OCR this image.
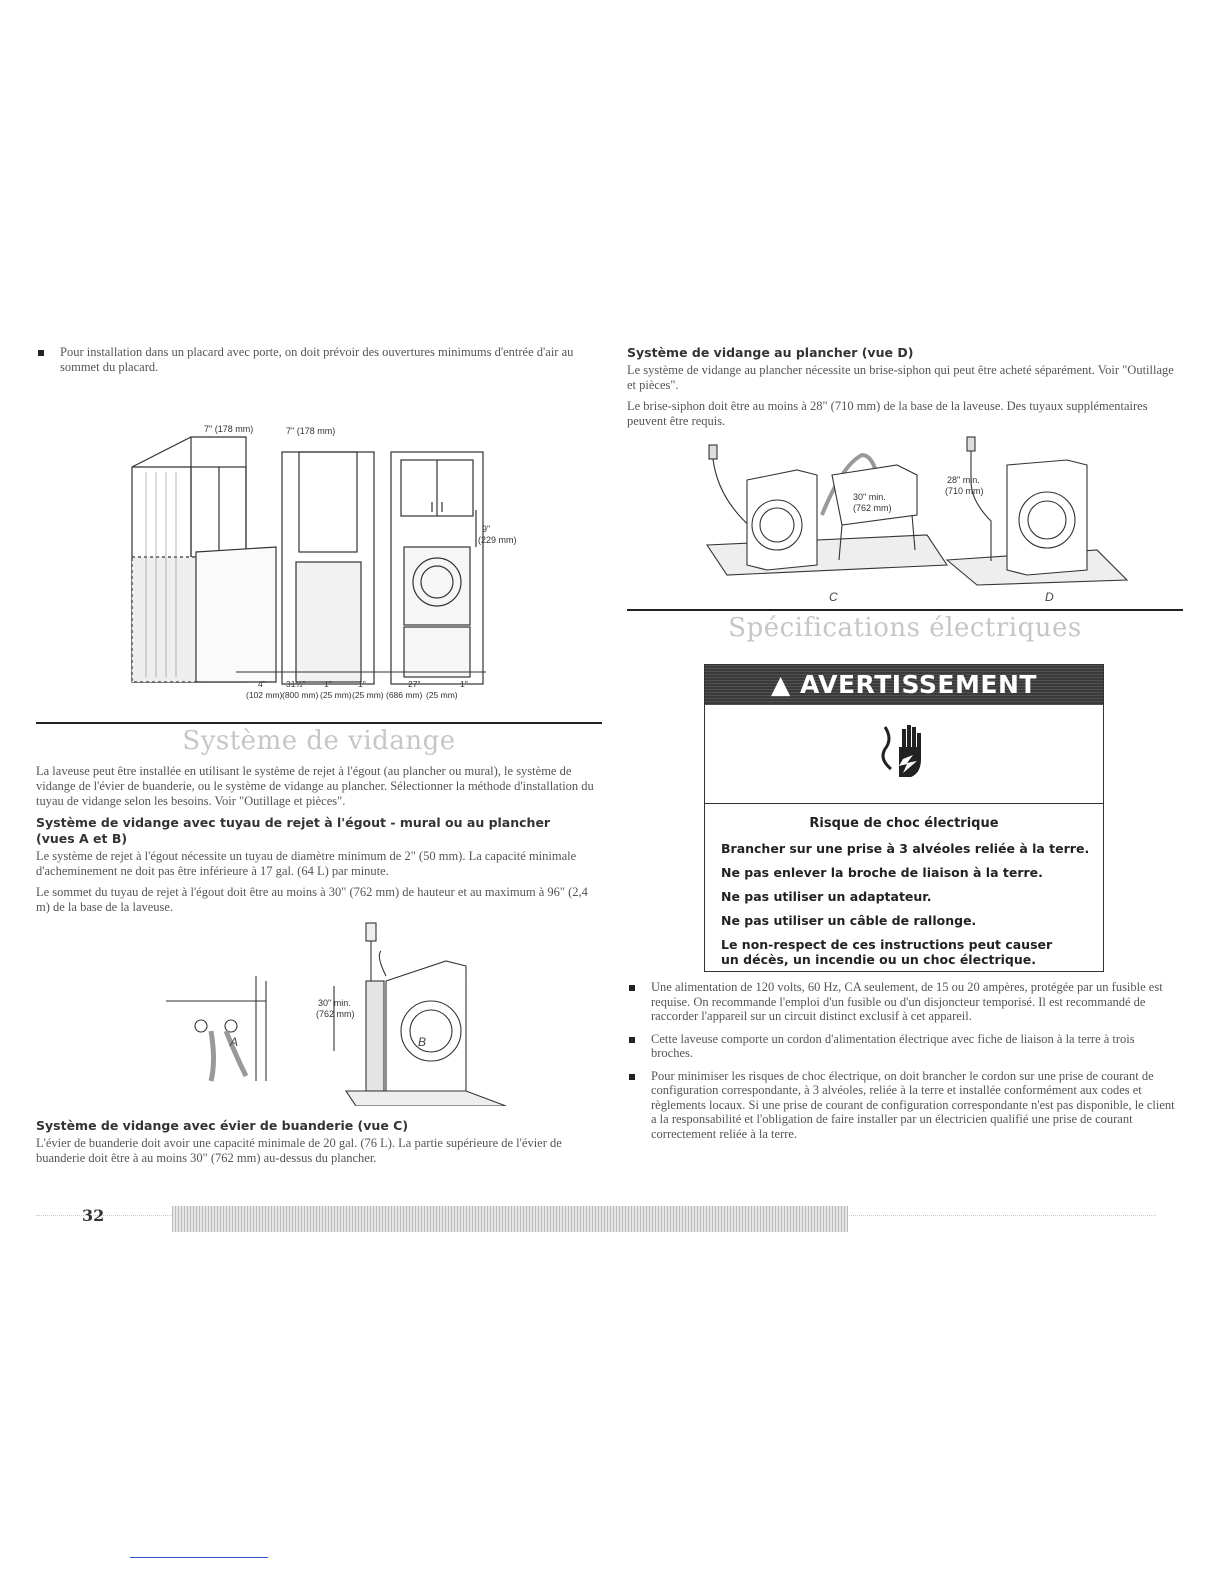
Pour installation dans un placard avec porte, on doit prévoir des ouvertures minimums d'entrée d'air au sommet du placard.
7" (178 mm)	7" (178 mm)
9"
(229 mm)
4"
(102 mm)
31½"
(800 mm)
1"
(25 mm)
1"
(25 mm)
27"
(686 mm)
1"
(25 mm)
Système de vidange

La laveuse peut être installée en utilisant le système de rejet à l'égout (au plancher ou mural), le système de vidange de l'évier de buanderie, ou le système de vidange au plancher. Sélectionner la méthode d'installation du tuyau de vidange selon les besoins. Voir "Outillage et pièces".

Système de vidange avec tuyau de rejet à l'égout - mural ou au plancher
(vues A et B)

Le système de rejet à l'égout nécessite un tuyau de diamètre minimum de 2" (50 mm). La capacité minimale d'acheminement ne doit pas être inférieure à 17 gal. (64 L) par minute.

Le sommet du tuyau de rejet à l'égout doit être au moins à 30" (762 mm) de hauteur et au maximum à 96" (2,4 m) de la base de la laveuse.

30" min.
(762 mm)
A	B
Système de vidange avec évier de buanderie (vue C)

L'évier de buanderie doit avoir une capacité minimale de 20 gal. (76 L). La partie supérieure de l'évier de buanderie doit être à au moins 30" (762 mm) au-dessus du plancher.

Système de vidange au plancher (vue D)

Le système de vidange au plancher nécessite un brise-siphon qui peut être acheté séparément. Voir "Outillage et pièces".

Le brise-siphon doit être au moins à 28" (710 mm) de la base de la laveuse. Des tuyaux supplémentaires peuvent être requis.

30" min.
(762 mm)
28" min.
(710 mm)
C	D
Spécifications électriques
▲ AVERTISSEMENT
Risque de choc électrique
Brancher sur une prise à 3 alvéoles reliée à la terre.
Ne pas enlever la broche de liaison à la terre.
Ne pas utiliser un adaptateur.
Ne pas utiliser un câble de rallonge.
Le non-respect de ces instructions peut causer
un décès, un incendie ou un choc électrique.
Une alimentation de 120 volts, 60 Hz, CA seulement, de 15 ou 20 ampères, protégée par un fusible est requise. On recommande l'emploi d'un fusible ou d'un disjoncteur temporisé. Il est recommandé de raccorder l'appareil sur un circuit distinct exclusif à cet appareil.
Cette laveuse comporte un cordon d'alimentation électrique avec fiche de liaison à la terre à trois broches.
Pour minimiser les risques de choc électrique, on doit brancher le cordon sur une prise de courant de configuration correspondante, à 3 alvéoles, reliée à la terre et installée conformément aux codes et règlements locaux. Si une prise de courant de configuration correspondante n'est pas disponible, le client a la responsabilité et l'obligation de faire installer par un électricien qualifié une prise de courant correctement reliée à la terre.
32
